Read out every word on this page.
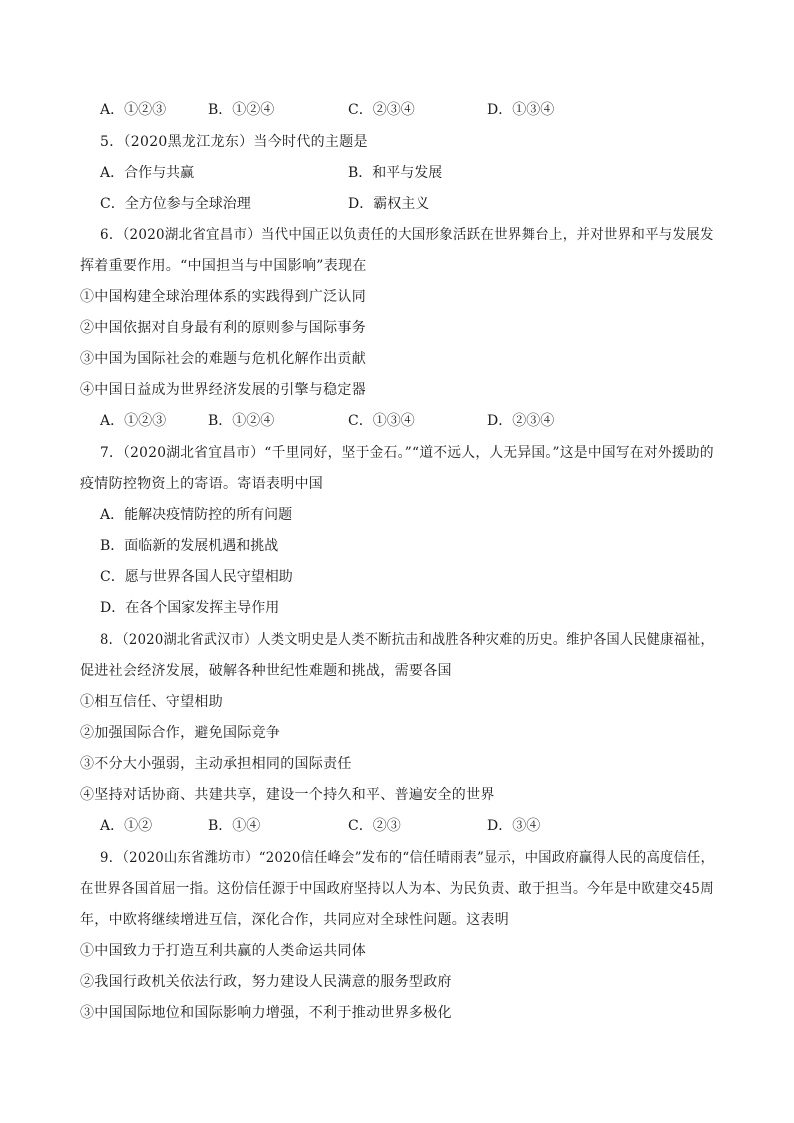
A．①②③	B．①②④	C．②③④	D．①③④
5．（2020黑龙江龙东）当今时代的主题是
A．合作与共赢	B．和平与发展
C．全方位参与全球治理	D．霸权主义
6．（2020湖北省宜昌市）当代中国正以负责任的大国形象活跃在世界舞台上，并对世界和平与发展发
挥着重要作用。“中国担当与中国影响”表现在
①中国构建全球治理体系的实践得到广泛认同
②中国依据对自身最有利的原则参与国际事务
③中国为国际社会的难题与危机化解作出贡献
④中国日益成为世界经济发展的引擎与稳定器
A．①②③	B．①②④	C．①③④	D．②③④
7．（2020湖北省宜昌市）“千里同好，坚于金石。”“道不远人，人无异国。”这是中国写在对外援助的
疫情防控物资上的寄语。寄语表明中国
A．能解决疫情防控的所有问题
B．面临新的发展机遇和挑战
C．愿与世界各国人民守望相助
D．在各个国家发挥主导作用
8．（2020湖北省武汉市）人类文明史是人类不断抗击和战胜各种灾难的历史。维护各国人民健康福祉，
促进社会经济发展，破解各种世纪性难题和挑战，需要各国
①相互信任、守望相助
②加强国际合作，避免国际竞争
③不分大小强弱，主动承担相同的国际责任
④坚持对话协商、共建共享，建设一个持久和平、普遍安全的世界
A．①②	B．①④	C．②③	D．③④
9．（2020山东省潍坊市）“2020信任峰会”发布的“信任晴雨表”显示，中国政府赢得人民的高度信任，
在世界各国首屈一指。这份信任源于中国政府坚持以人为本、为民负责、敢于担当。今年是中欧建交45周
年，中欧将继续增进互信，深化合作，共同应对全球性问题。这表明
①中国致力于打造互利共赢的人类命运共同体
②我国行政机关依法行政，努力建设人民满意的服务型政府
③中国国际地位和国际影响力增强，不利于推动世界多极化
